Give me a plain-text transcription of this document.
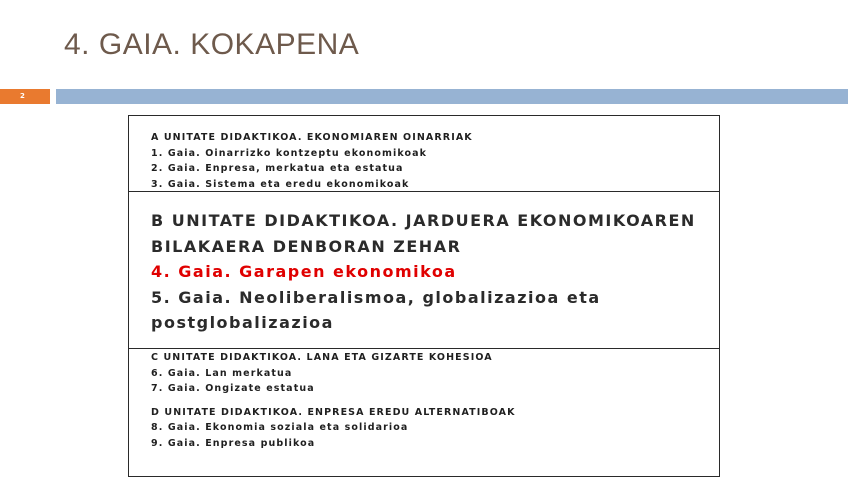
4. GAIA. KOKAPENA
2
A UNITATE DIDAKTIKOA. EKONOMIAREN OINARRIAK
1. Gaia. Oinarrizko kontzeptu ekonomikoak
2. Gaia. Enpresa, merkatua eta estatua
3. Gaia. Sistema eta eredu ekonomikoak
B UNITATE DIDAKTIKOA. JARDUERA EKONOMIKOAREN
BILAKAERA DENBORAN ZEHAR
4. Gaia. Garapen ekonomikoa
5. Gaia. Neoliberalismoa, globalizazioa eta
postglobalizazioa
C UNITATE DIDAKTIKOA. LANA ETA GIZARTE KOHESIOA
6. Gaia. Lan merkatua
7. Gaia. Ongizate estatua
D UNITATE DIDAKTIKOA. ENPRESA EREDU ALTERNATIBOAK
8. Gaia. Ekonomia soziala eta solidarioa
9. Gaia. Enpresa publikoa
